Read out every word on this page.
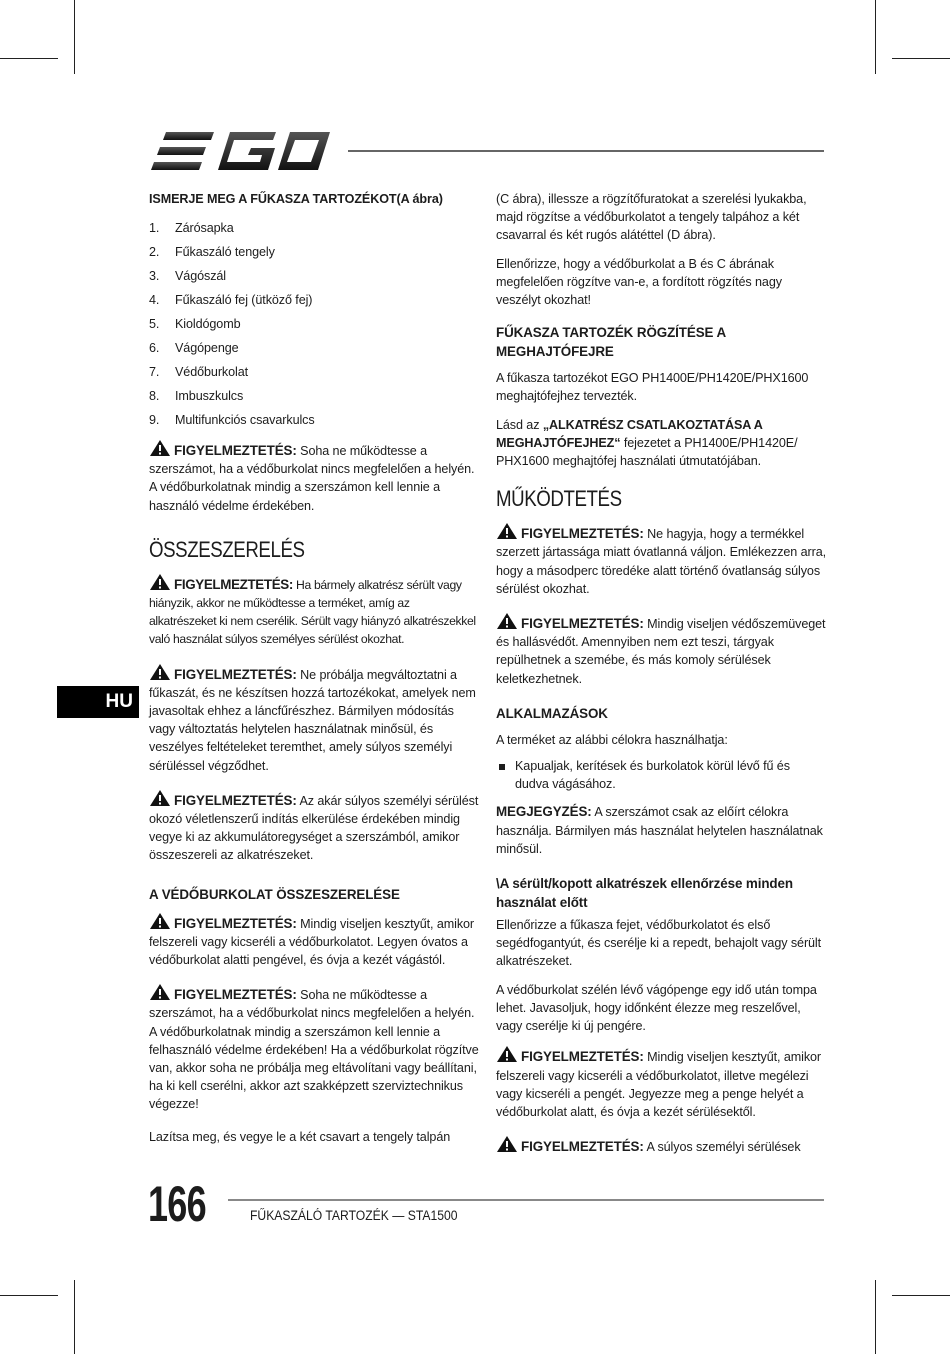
ISMERJE MEG A FŰKASZA TARTOZÉKOT(A ábra)
1.	Zárósapka
2.	Fűkaszáló tengely
3.	Vágószál
4.	Fűkaszáló fej (ütköző fej)
5.	Kioldógomb
6.	Vágópenge
7.	Védőburkolat
8.	Imbuszkulcs
9.	Multifunkciós csavarkulcs

FIGYELMEZTETÉS: Soha ne működtesse a szerszámot, ha a védőburkolat nincs megfelelően a helyén. A védőburkolatnak mindig a szerszámon kell lennie a használó védelme érdekében.

ÖSSZESZERELÉS

FIGYELMEZTETÉS: Ha bármely alkatrész sérült vagy hiányzik, akkor ne működtesse a terméket, amíg az alkatrészeket ki nem cserélik. Sérült vagy hiányzó alkatrészekkel való használat súlyos személyes sérülést okozhat.

FIGYELMEZTETÉS: Ne próbálja megváltoztatni a fűkaszát, és ne készítsen hozzá tartozékokat, amelyek nem javasoltak ehhez a láncfűrészhez. Bármilyen módosítás vagy változtatás helytelen használatnak minősül, és veszélyes feltételeket teremthet, amely súlyos személyi sérüléssel végződhet.

FIGYELMEZTETÉS: Az akár súlyos személyi sérülést okozó véletlenszerű indítás elkerülése érdekében mindig vegye ki az akkumulátoregységet a szerszámból, amikor összeszereli az alkatrészeket.

A VÉDŐBURKOLAT ÖSSZESZERELÉSE

FIGYELMEZTETÉS: Mindig viseljen kesztyűt, amikor felszereli vagy kicseréli a védőburkolatot. Legyen óvatos a védőburkolat alatti pengével, és óvja a kezét vágástól.

FIGYELMEZTETÉS: Soha ne működtesse a szerszámot, ha a védőburkolat nincs megfelelően a helyén. A védőburkolatnak mindig a szerszámon kell lennie a felhasználó védelme érdekében! Ha a védőburkolat rögzítve van, akkor soha ne próbálja meg eltávolítani vagy beállítani, ha ki kell cserélni, akkor azt szakképzett szerviztechnikus végezze!

Lazítsa meg, és vegye le a két csavart a tengely talpán

HU

(C ábra), illessze a rögzítőfuratokat a szerelési lyukakba, majd rögzítse a védőburkolatot a tengely talpához a két csavarral és két rugós alátéttel (D ábra).

Ellenőrizze, hogy a védőburkolat a B és C ábrának megfelelően rögzítve van-e, a fordított rögzítés nagy veszélyt okozhat!

FŰKASZA TARTOZÉK RÖGZÍTÉSE A MEGHAJTÓFEJRE

A fűkasza tartozékot EGO PH1400E/PH1420E/PHX1600 meghajtófejhez tervezték.

Lásd az „ALKATRÉSZ CSATLAKOZTATÁSA A MEGHAJTÓFEJHEZ“ fejezetet a PH1400E/PH1420E/ PHX1600 meghajtófej használati útmutatójában.

MŰKÖDTETÉS

FIGYELMEZTETÉS: Ne hagyja, hogy a termékkel szerzett jártassága miatt óvatlanná váljon. Emlékezzen arra, hogy a másodperc töredéke alatt történő óvatlanság súlyos sérülést okozhat.

FIGYELMEZTETÉS: Mindig viseljen védőszemüveget és hallásvédőt. Amennyiben nem ezt teszi, tárgyak repülhetnek a szemébe, és más komoly sérülések keletkezhetnek.

ALKALMAZÁSOK

A terméket az alábbi célokra használhatja:

Kapualjak, kerítések és burkolatok körül lévő fű és dudva vágásához.

MEGJEGYZÉS: A szerszámot csak az előírt célokra használja. Bármilyen más használat helytelen használatnak minősül.

\A sérült/kopott alkatrészek ellenőrzése minden használat előtt

Ellenőrizze a fűkasza fejet, védőburkolatot és első segédfogantyút, és cserélje ki a repedt, behajolt vagy sérült alkatrészeket.

A védőburkolat szélén lévő vágópenge egy idő után tompa lehet. Javasoljuk, hogy időnként élezze meg reszelővel, vagy cserélje ki új pengére.

FIGYELMEZTETÉS: Mindig viseljen kesztyűt, amikor felszereli vagy kicseréli a védőburkolatot, illetve megélezi vagy kicseréli a pengét. Jegyezze meg a penge helyét a védőburkolat alatt, és óvja a kezét sérülésektől.

FIGYELMEZTETÉS: A súlyos személyi sérülések

166	FŰKASZÁLÓ TARTOZÉK — STA1500
